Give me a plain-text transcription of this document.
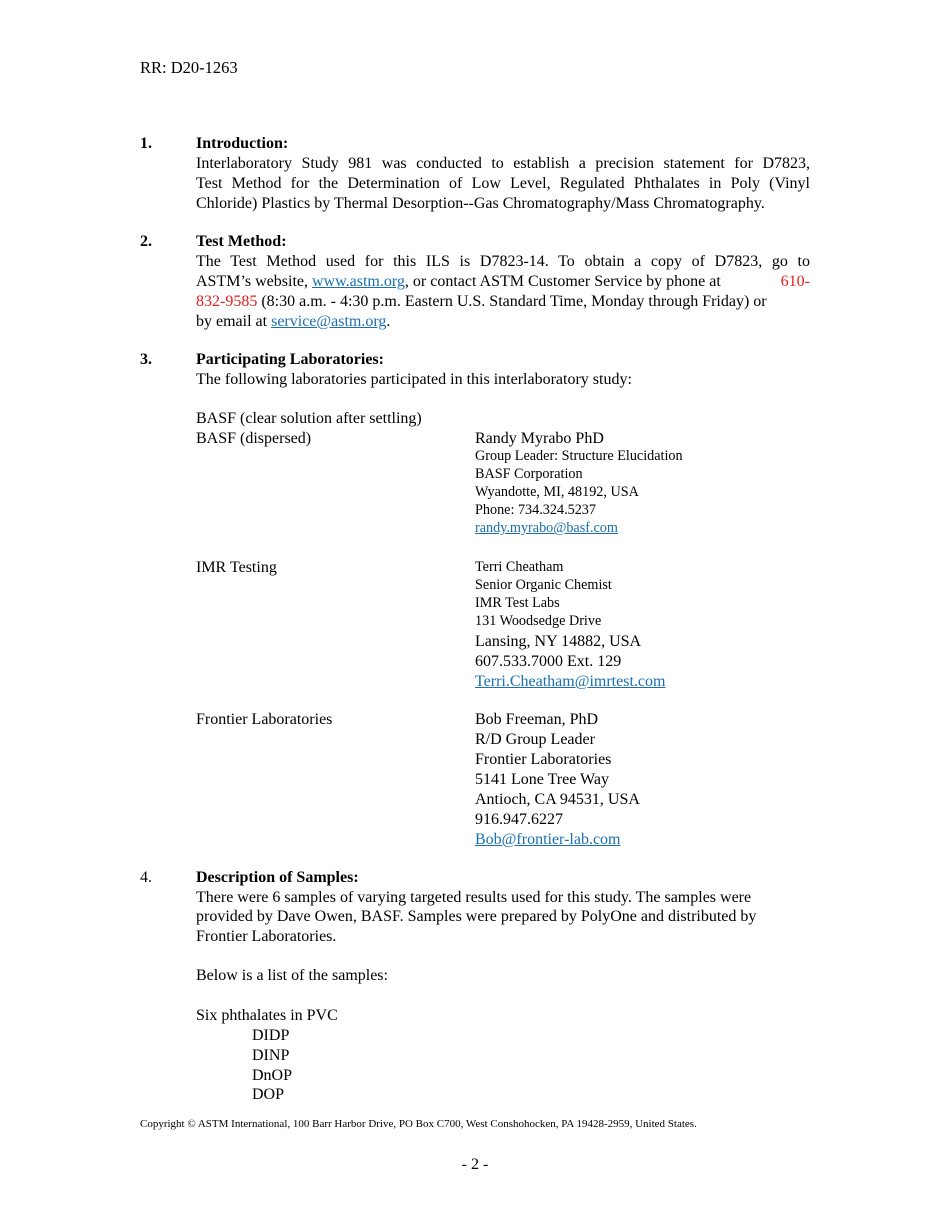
RR: D20-1263
1.	Introduction:
Interlaboratory Study 981 was conducted to establish a precision statement for D7823,
Test Method for the Determination of Low Level, Regulated Phthalates in Poly (Vinyl
Chloride) Plastics by Thermal Desorption--Gas Chromatography/Mass Chromatography.
2.	Test Method:
The Test Method used for this ILS is D7823-14. To obtain a copy of D7823, go to
ASTM’s website, www.astm.org , or contact ASTM Customer Service by phone at	610-
832-9585 (8:30 a.m. - 4:30 p.m. Eastern U.S. Standard Time, Monday through Friday) or
by email at service@astm.org.
3.	Participating Laboratories:
The following laboratories participated in this interlaboratory study:
BASF (clear solution after settling)
BASF (dispersed)	Randy Myrabo PhD
Group Leader: Structure Elucidation
BASF Corporation
Wyandotte, MI, 48192, USA
Phone: 734.324.5237
randy.myrabo@basf.com
IMR Testing	Terri Cheatham
Senior Organic Chemist
IMR Test Labs
131 Woodsedge Drive
Lansing, NY 14882, USA
607.533.7000 Ext. 129
Terri.Cheatham@imrtest.com
Frontier Laboratories	Bob Freeman, PhD
R/D Group Leader
Frontier Laboratories
5141 Lone Tree Way
Antioch, CA 94531, USA
916.947.6227
Bob@frontier-lab.com
4.	Description of Samples:
There were 6 samples of varying targeted results used for this study. The samples were
provided by Dave Owen, BASF. Samples were prepared by PolyOne and distributed by
Frontier Laboratories.
Below is a list of the samples:
Six phthalates in PVC
DIDP
DINP
DnOP
DOP
Copyright © ASTM International, 100 Barr Harbor Drive, PO Box C700, West Conshohocken, PA 19428-2959, United States.
- 2 -
